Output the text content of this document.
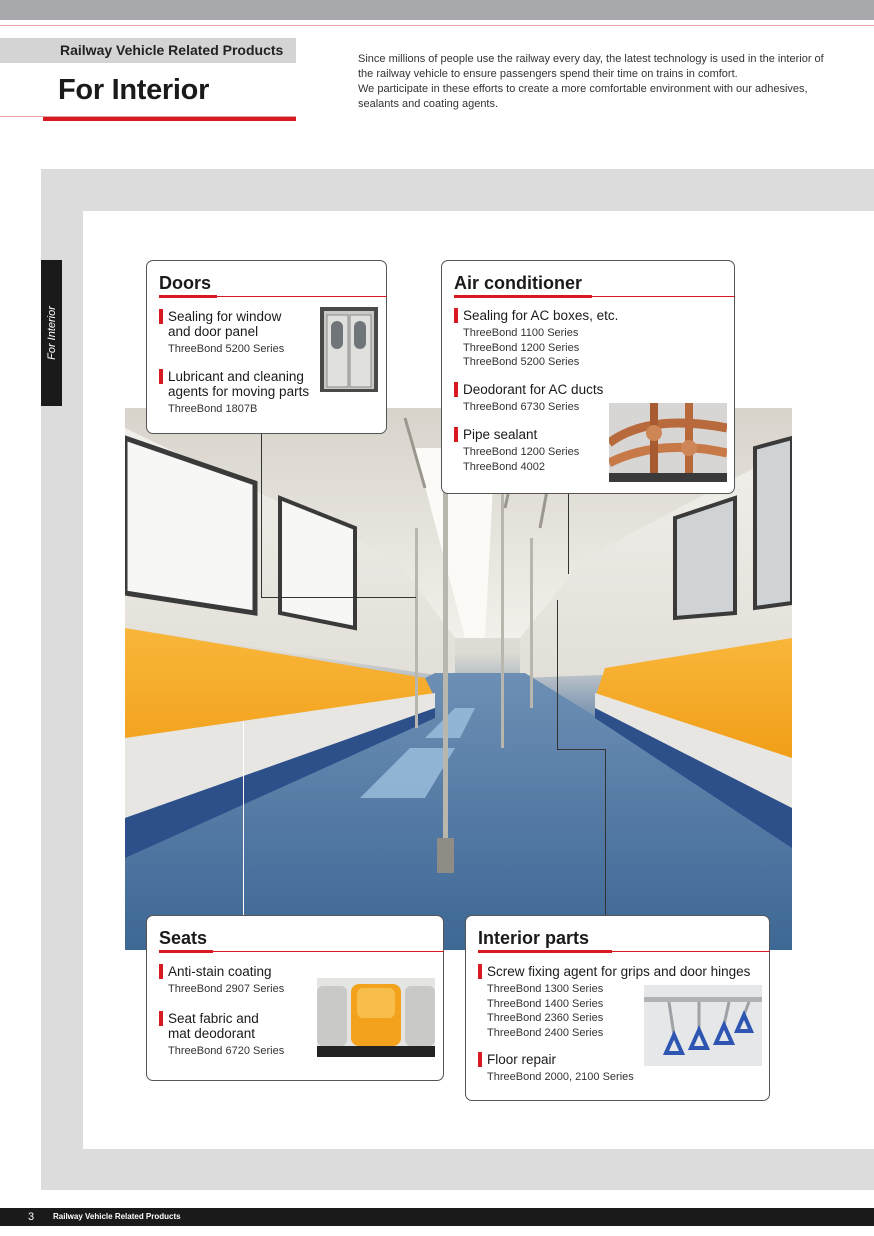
Railway Vehicle Related Products
For Interior

Since millions of people use the railway every day, the latest technology is used in the interior of

the railway vehicle to ensure passengers spend their time on trains in comfort.

We participate in these efforts to create a more comfortable environment with our adhesives,

sealants and coating agents.

For Interior
Doors
Sealing for window
and door panel
ThreeBond 5200 Series
Lubricant and cleaning
agents for moving parts
ThreeBond 1807B
Air conditioner
Sealing for AC boxes, etc.
ThreeBond 1100 Series
ThreeBond 1200 Series
ThreeBond 5200 Series
Deodorant for AC ducts
ThreeBond 6730 Series
Pipe sealant
ThreeBond 1200 Series
ThreeBond 4002
Seats
Anti-stain coating
ThreeBond 2907 Series
Seat fabric and
mat deodorant
ThreeBond 6720 Series
Interior parts
Screw fixing agent for grips and door hinges
ThreeBond 1300 Series
ThreeBond 1400 Series
ThreeBond 2360 Series
ThreeBond 2400 Series
Floor repair
ThreeBond 2000, 2100 Series
3 Railway Vehicle Related Products
